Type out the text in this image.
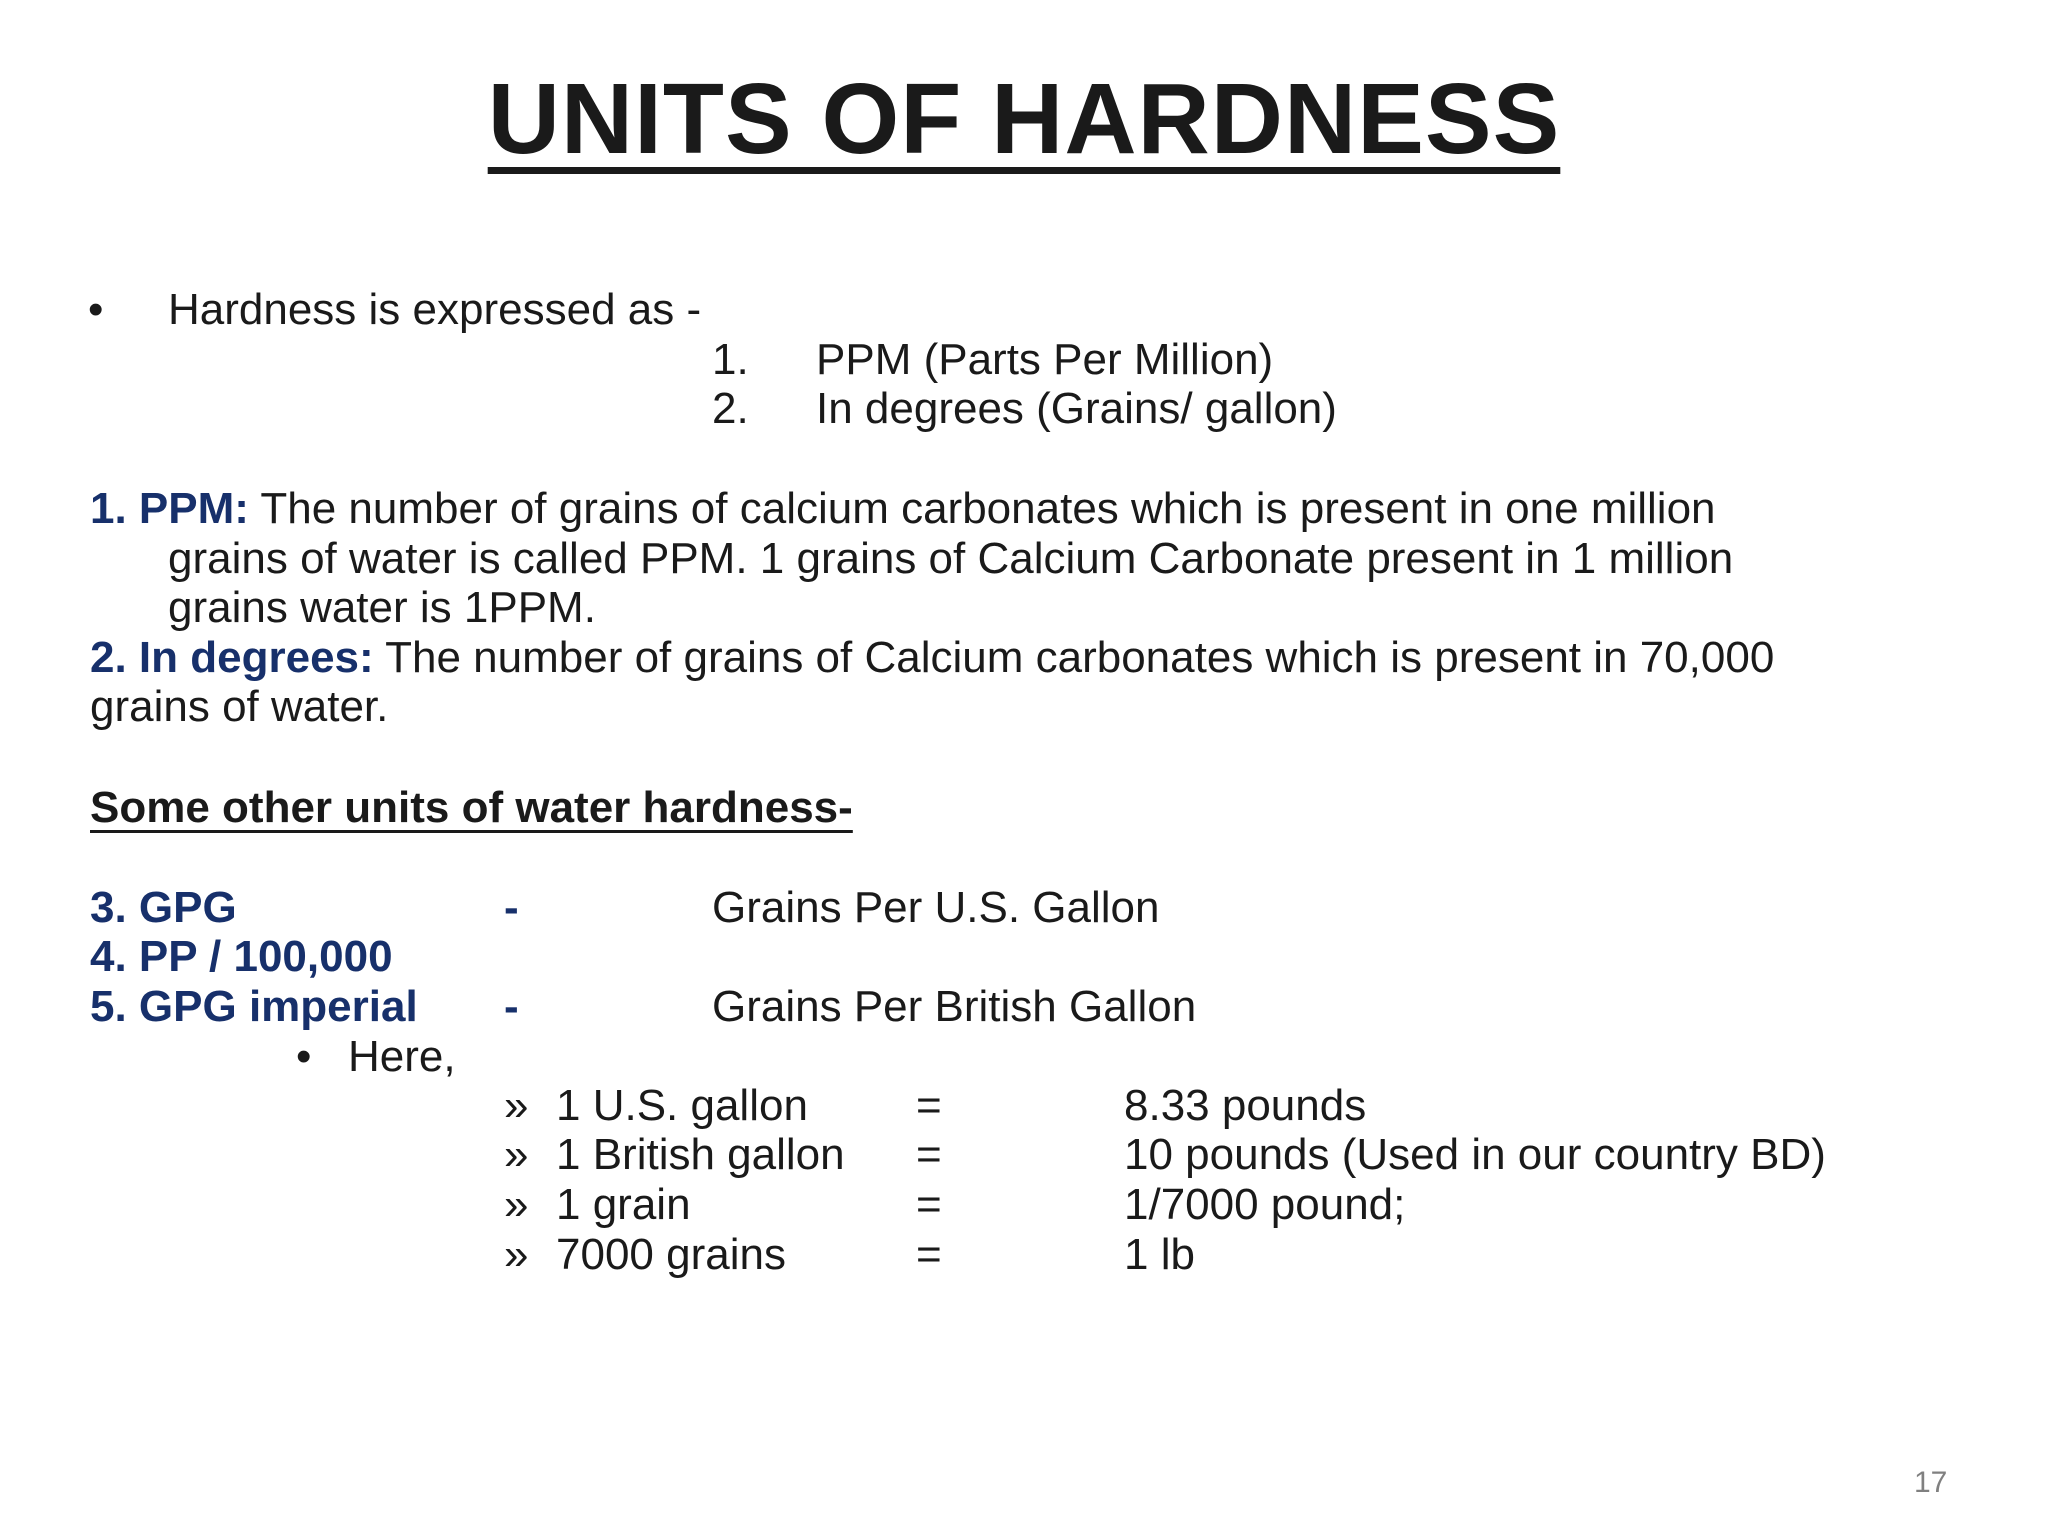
UNITS OF HARDNESS
• Hardness is expressed as -
1. PPM (Parts Per Million)
2. In degrees (Grains/ gallon)
1. PPM: The number of grains of calcium carbonates which is present in one million
grains of water is called PPM. 1 grains of Calcium Carbonate present in 1 million
grains water is 1PPM.
2. In degrees: The number of grains of Calcium carbonates which is present in 70,000
grains of water.
Some other units of water hardness-
3. GPG	-	Grains Per U.S. Gallon
4. PP / 100,000
5. GPG imperial -	Grains Per British Gallon
• Here,
» 1 U.S. gallon =	8.33 pounds
» 1 British gallon =	10 pounds (Used in our country BD)
» 1 grain	=	1/7000 pound;
» 7000 grains	=	1 lb
17
